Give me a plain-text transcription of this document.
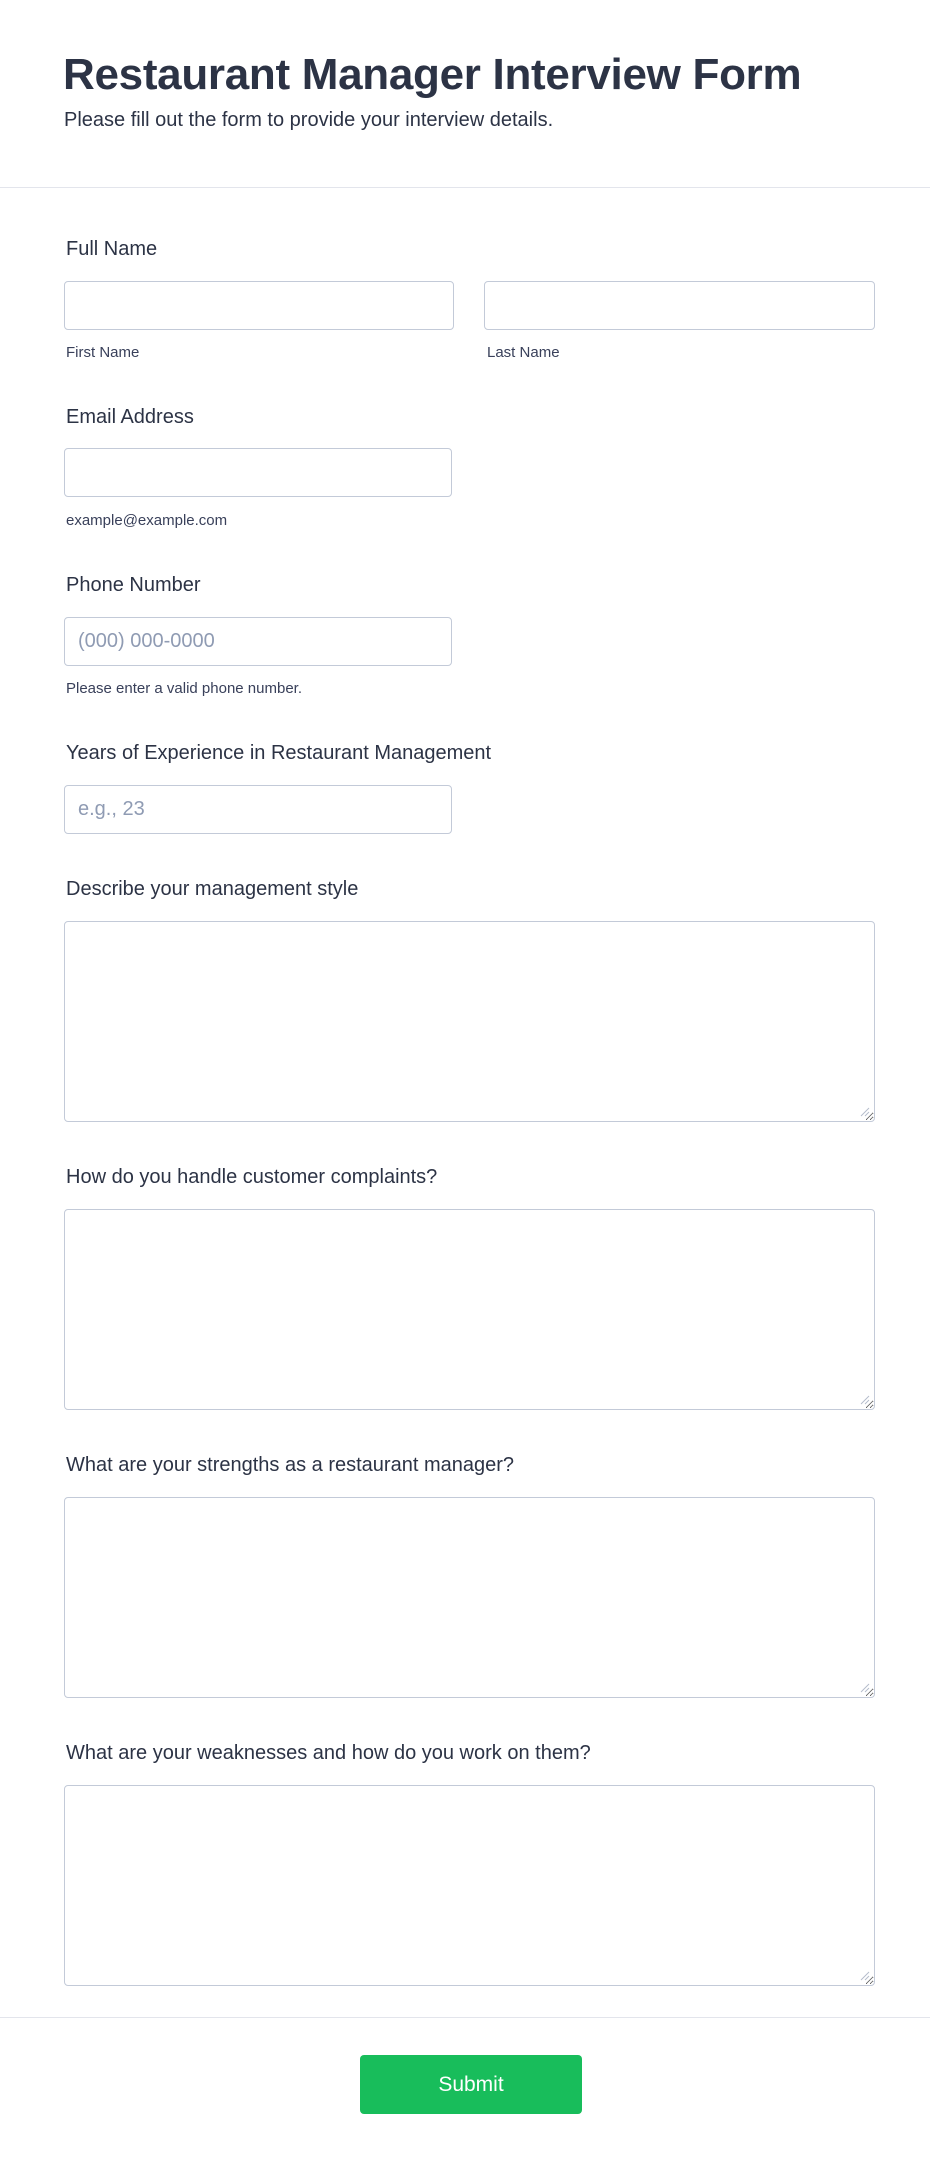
Restaurant Manager Interview Form

Please fill out the form to provide your interview details.

Full Name
First Name	Last Name
Email Address
example@example.com
Phone Number
(000) 000-0000
Please enter a valid phone number.
Years of Experience in Restaurant Management
e.g., 23
Describe your management style
How do you handle customer complaints?
What are your strengths as a restaurant manager?
What are your weaknesses and how do you work on them?
Submit
